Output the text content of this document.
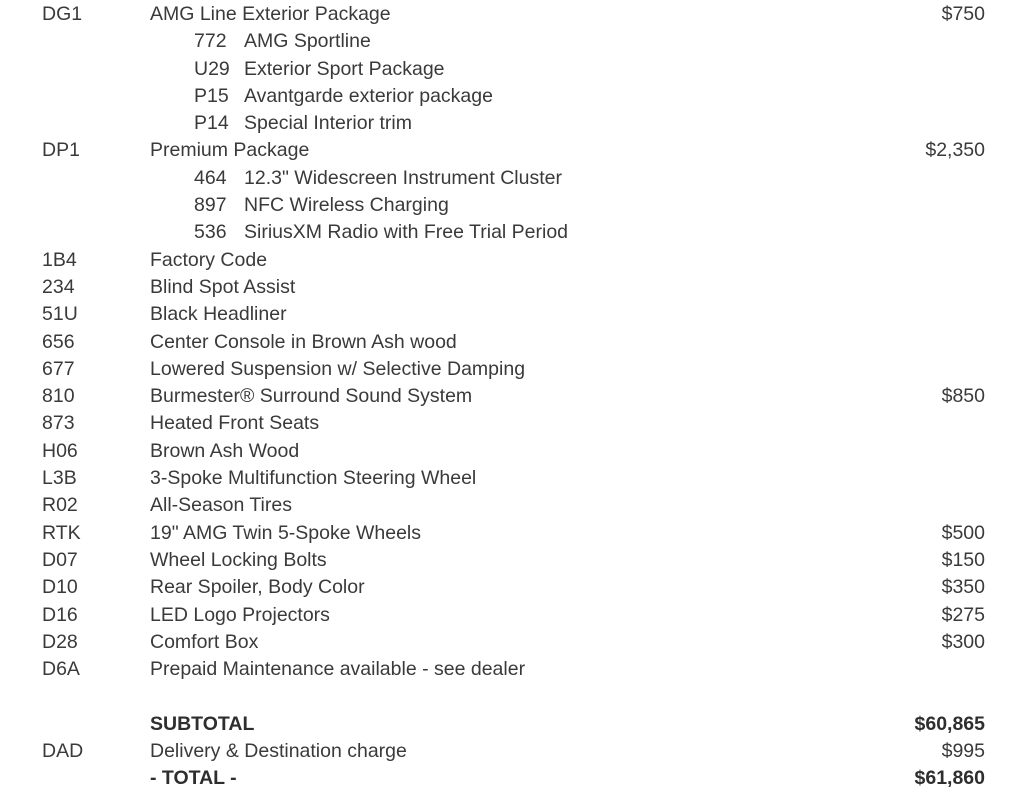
DG1	AMG Line Exterior Package	$750
772 AMG Sportline
U29 Exterior Sport Package
P15 Avantgarde exterior package
P14 Special Interior trim
DP1	Premium Package	$2,350
464 12.3" Widescreen Instrument Cluster
897 NFC Wireless Charging
536 SiriusXM Radio with Free Trial Period
1B4	Factory Code
234	Blind Spot Assist
51U	Black Headliner
656	Center Console in Brown Ash wood
677	Lowered Suspension w/ Selective Damping
810	Burmester® Surround Sound System	$850
873	Heated Front Seats
H06	Brown Ash Wood
L3B	3-Spoke Multifunction Steering Wheel
R02	All-Season Tires
RTK	19" AMG Twin 5-Spoke Wheels	$500
D07	Wheel Locking Bolts	$150
D10	Rear Spoiler, Body Color	$350
D16	LED Logo Projectors	$275
D28	Comfort Box	$300
D6A	Prepaid Maintenance available - see dealer
SUBTOTAL	$60,865
DAD	Delivery & Destination charge	$995
- TOTAL -	$61,860
